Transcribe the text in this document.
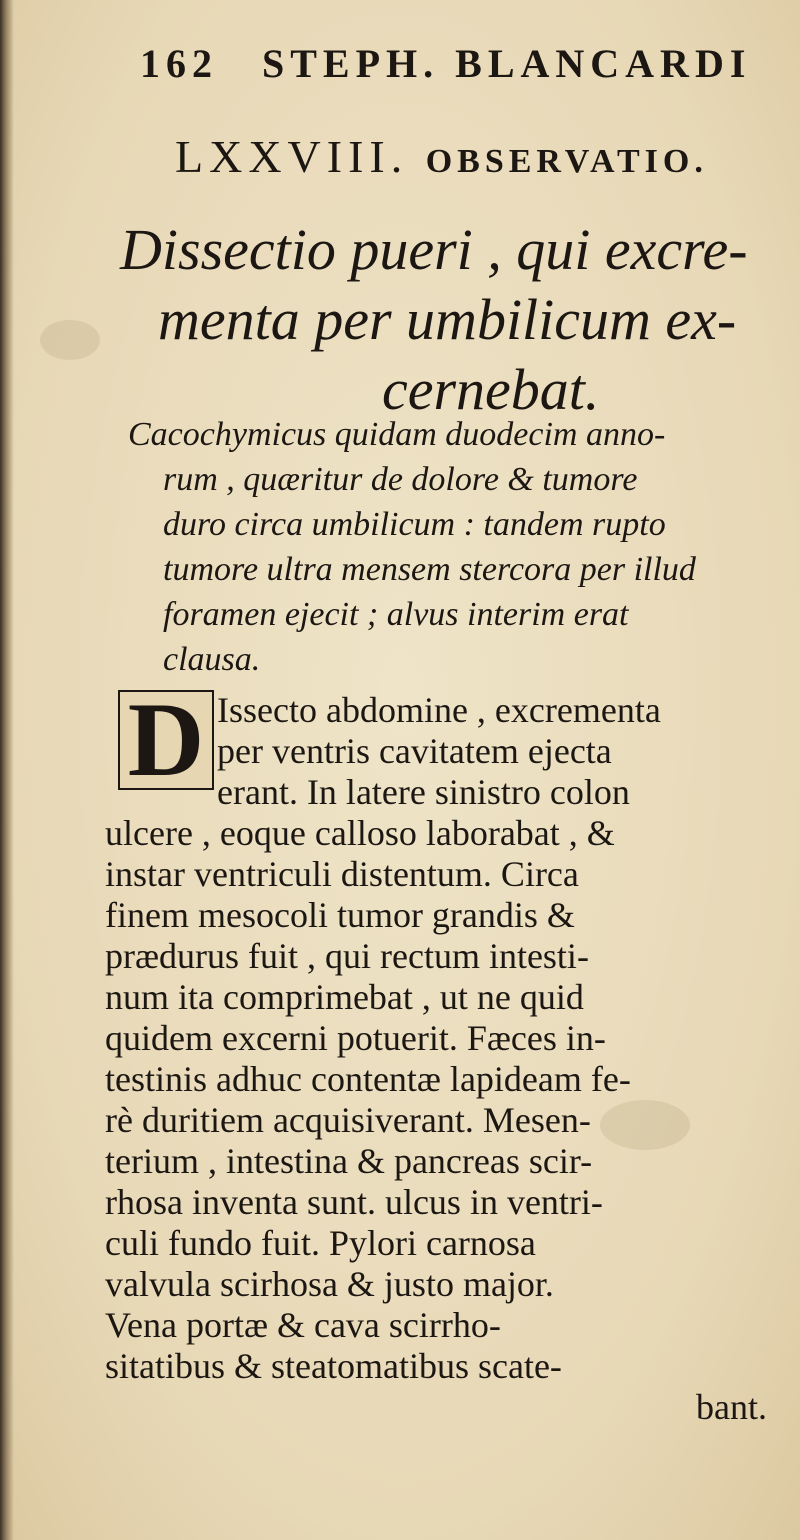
162 STEPH. BLANCARDI
LXXVIII. OBSERVATIO.
Dissectio pueri , qui excre-
menta per umbilicum ex-
cernebat.
Cacochymicus quidam duodecim anno-
rum , quæritur de dolore & tumore
duro circa umbilicum : tandem rupto
tumore ultra mensem stercora per illud
foramen ejecit ; alvus interim erat
clausa.
D Issecto abdomine , excrementa
per ventris cavitatem ejecta
erant. In latere sinistro colon
ulcere , eoque calloso laborabat , &
instar ventriculi distentum. Circa
finem mesocoli tumor grandis &
prædurus fuit , qui rectum intesti-
num ita comprimebat , ut ne quid
quidem excerni potuerit. Fæces in-
testinis adhuc contentæ lapideam fe-
rè duritiem acquisiverant. Mesen-
terium , intestina & pancreas scir-
rhosa inventa sunt. ulcus in ventri-
culi fundo fuit. Pylori carnosa
valvula scirhosa & justo major.
Vena portæ & cava scirrho-
sitatibus & steatomatibus scate-
bant.
